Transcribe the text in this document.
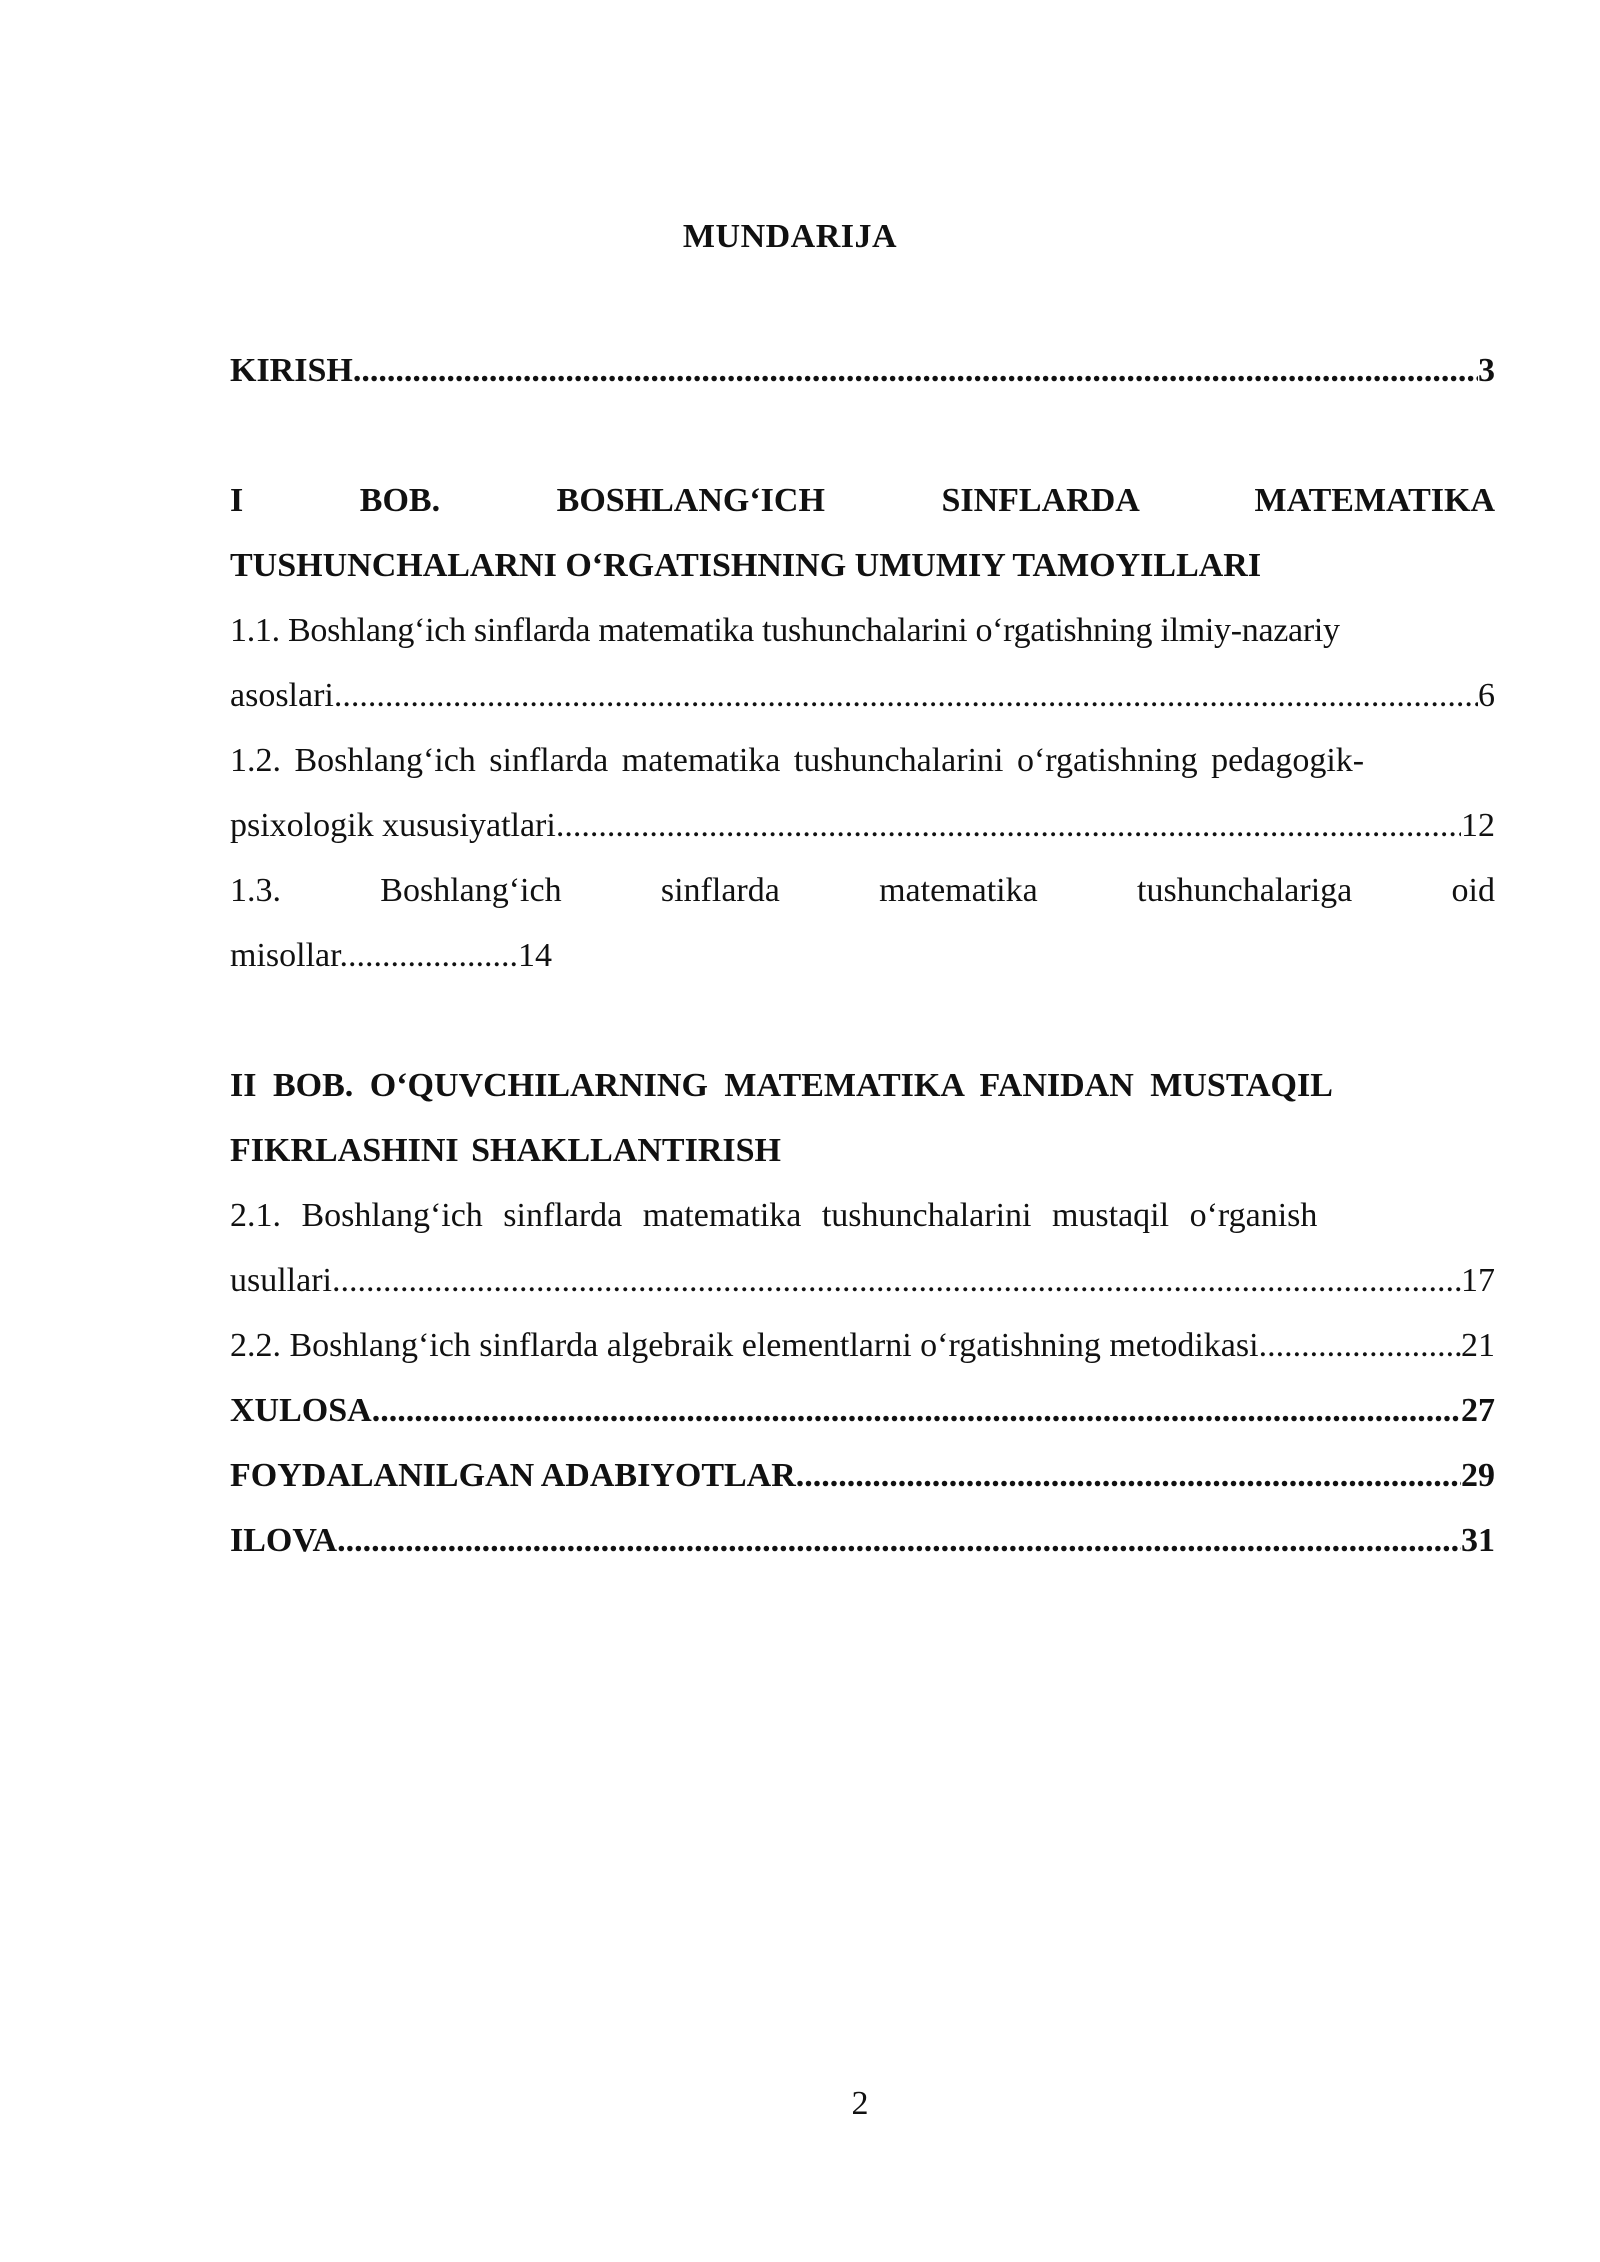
MUNDARIJA
KIRISH .....	3
I	BOB.	BOSHLANG‘ICH	SINFLARDA	MATEMATIKA
TUSHUNCHALARNI O‘RGATISHNING UMUMIY TAMOYILLARI
1.1. Boshlang‘ich sinflarda matematika tushunchalarini o‘rgatishning ilmiy-nazariy
asoslari .....	6
1.2. Boshlang‘ich sinflarda matematika tushunchalarini o‘rgatishning pedagogik-
psixologik xususiyatlari .....	12
1.3.	Boshlang‘ich	sinflarda	matematika	tushunchalariga	oid
misollar.....................14
II BOB. O‘QUVCHILARNING MATEMATIKA FANIDAN MUSTAQIL
FIKRLASHINI SHAKLLANTIRISH
2.1. Boshlang‘ich sinflarda matematika tushunchalarini mustaqil o‘rganish
usullari .....	17
2.2. Boshlang‘ich sinflarda algebraik elementlarni o‘rgatishning metodikasi .....	21
XULOSA .....	27
FOYDALANILGAN ADABIYOTLAR .....	29
ILOVA .....	31
2
